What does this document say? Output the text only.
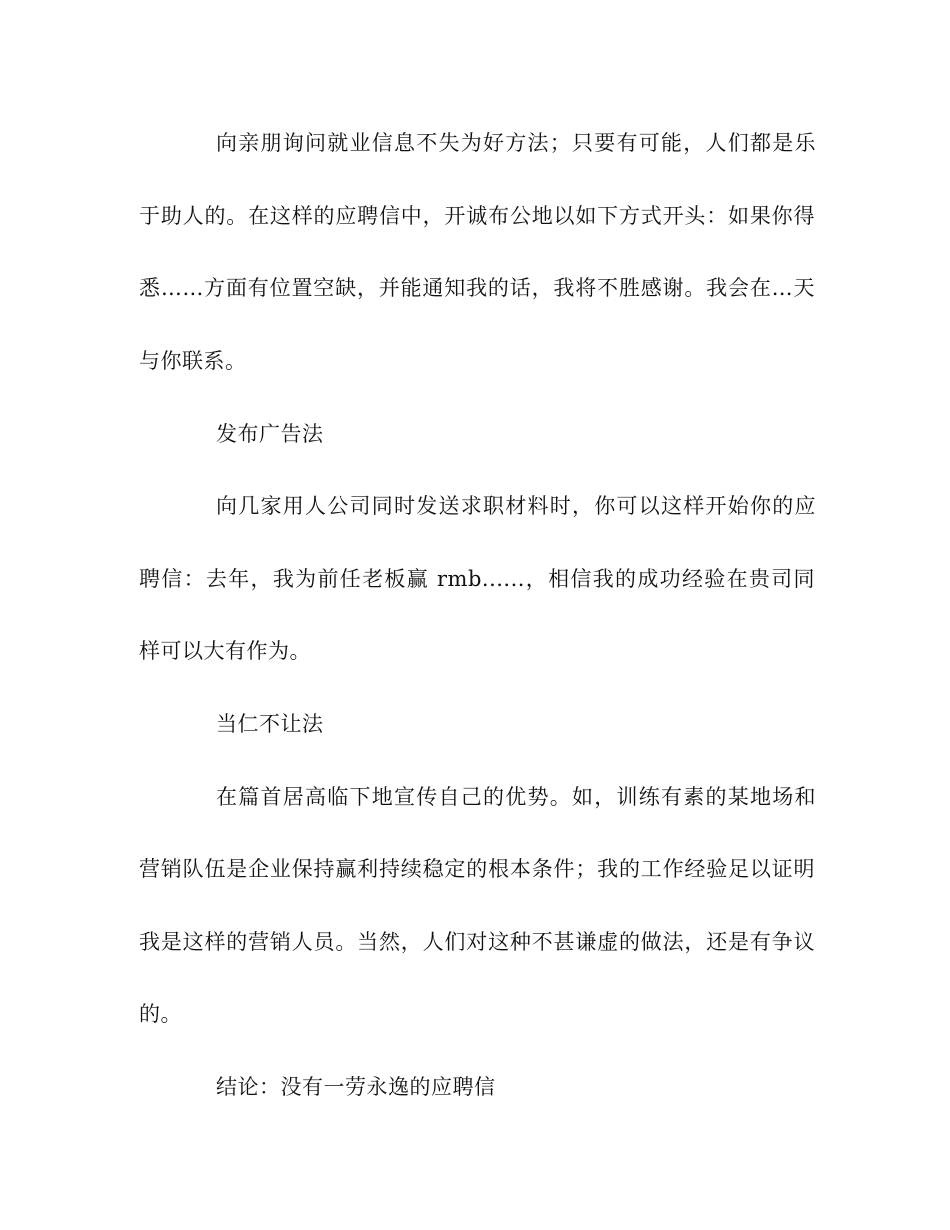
向亲朋询问就业信息不失为好方法；只要有可能，人们都是乐
于助人的。在这样的应聘信中，开诚布公地以如下方式开头：如果你得
悉……方面有位置空缺，并能通知我的话，我将不胜感谢。我会在…天
与你联系。
发布广告法
向几家用人公司同时发送求职材料时，你可以这样开始你的应
聘信：去年，我为前任老板赢 rmb......，相信我的成功经验在贵司同
样可以大有作为。
当仁不让法
在篇首居高临下地宣传自己的优势。如，训练有素的某地场和
营销队伍是企业保持赢利持续稳定的根本条件；我的工作经验足以证明
我是这样的营销人员。当然，人们对这种不甚谦虚的做法，还是有争议
的。
结论：没有一劳永逸的应聘信
